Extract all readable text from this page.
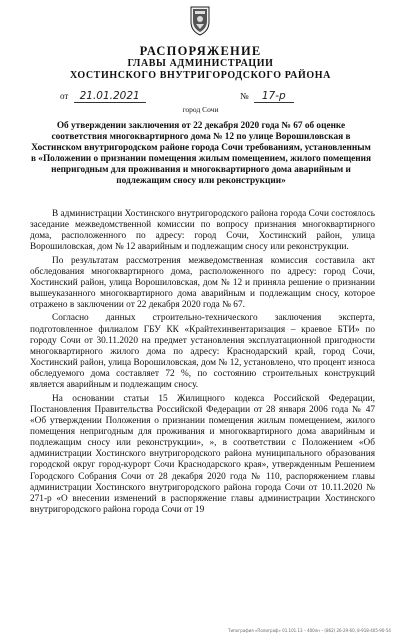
РАСПОРЯЖЕНИЕ
ГЛАВЫ АДМИНИСТРАЦИИ
ХОСТИНСКОГО ВНУТРИГОРОДСКОГО РАЙОНА
от 21.01.2021	№ 17-р
город Сочи
Об утверждении заключения от 22 декабря 2020 года № 67 об оценке соответствия многоквартирного дома № 12 по улице Ворошиловская в Хостинском внутригородском районе города Сочи требованиям, установленным в «Положении о признании помещения жилым помещением, жилого помещения непригодным для проживания и многоквартирного дома аварийным и подлежащим сносу или реконструкции»

В администрации Хостинского внутригородского района города Сочи состоялось заседание межведомственной комиссии по вопросу признания многоквартирного дома, расположенного по адресу: город Сочи, Хостинский район, улица Ворошиловская, дом № 12 аварийным и подлежащим сносу или реконструкции.

По результатам рассмотрения межведомственная комиссия составила акт обследования многоквартирного дома, расположенного по адресу: город Сочи, Хостинский район, улица Ворошиловская, дом № 12 и приняла решение о признании вышеуказанного многоквартирного дома аварийным и подлежащим сносу, которое отражено в заключении от 22 декабря 2020 года № 67.

Согласно данных строительно-технического заключения эксперта, подготовленное филиалом ГБУ КК «Крайтехинвентаризация – краевое БТИ» по городу Сочи от 30.11.2020 на предмет установления эксплуатационной пригодности многоквартирного жилого дома по адресу: Краснодарский край, город Сочи, Хостинский район, улица Ворошиловская, дом № 12, установлено, что процент износа обследуемого дома составляет 72 %, по состоянию строительных конструкций является аварийным и подлежащим сносу.

На основании статьи 15 Жилищного кодекса Российской Федерации, Постановления Правительства Российской Федерации от 28 января 2006 года № 47 «Об утверждении Положения о признании помещения жилым помещением, жилого помещения непригодным для проживания и многоквартирного дома аварийным и подлежащим сносу или реконструкции», », в соответствии с Положением «Об администрации Хостинского внутригородского района муниципального образования городской округ город-курорт Сочи Краснодарского края», утвержденным Решением Городского Собрания Сочи от 28 декабря 2020 года № 110, распоряжением главы администрации Хостинского внутригородского района города Сочи от 10.11.2020 № 271-р «О внесении изменений в распоряжение главы администрации Хостинского внутригородского района города Сочи от 19

Типография «Полиграф» 01.101.13 – 400лн – (862) 26-29-60, 8-918-405-90-54
